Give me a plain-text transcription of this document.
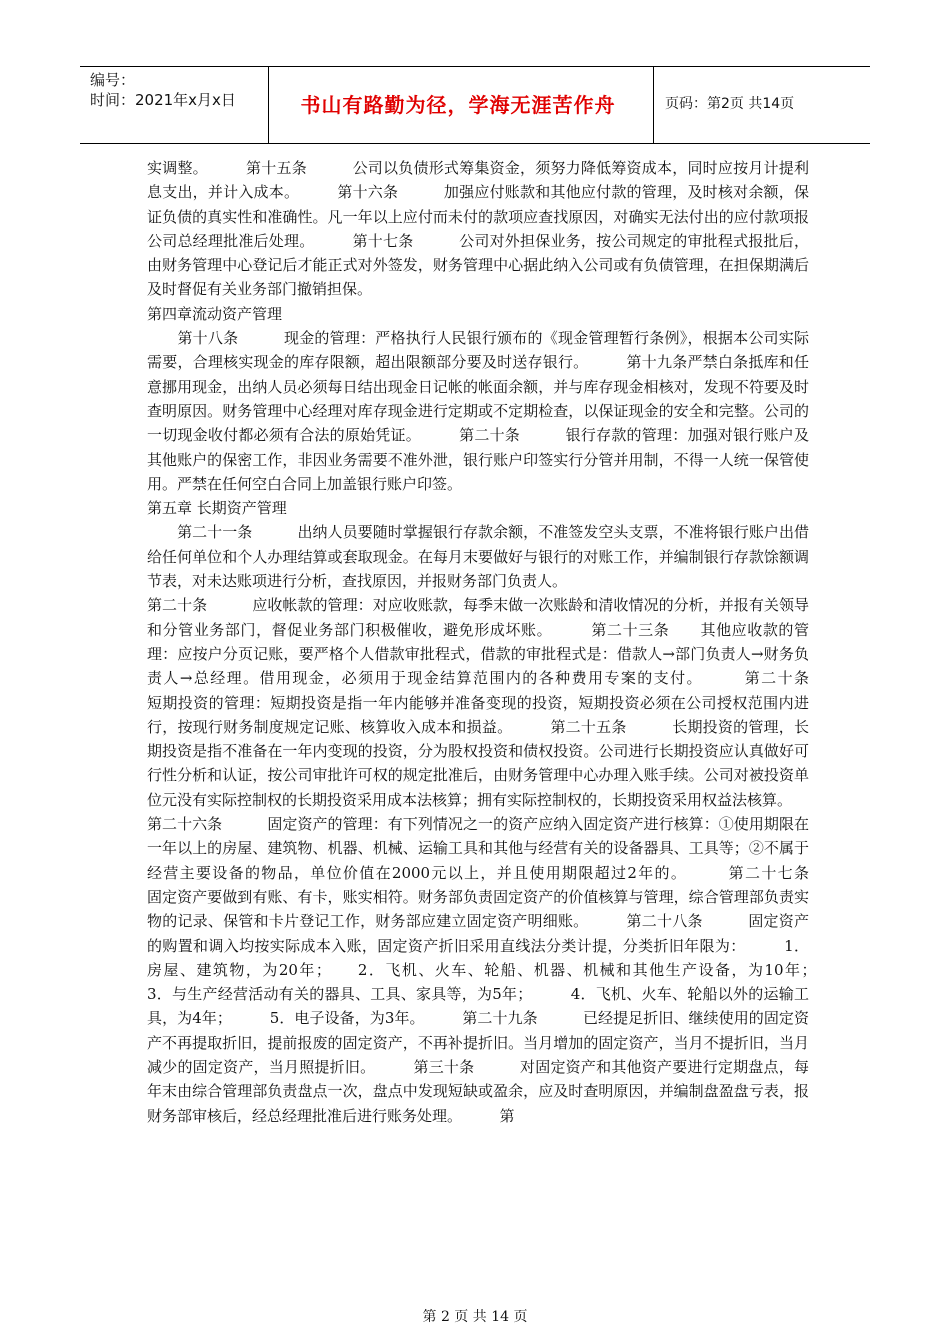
编号：
时间：2021年x月x日	书山有路勤为径，学海无涯苦作舟	页码：第2页 共14页

实调整。　　　第十五条　　　公司以负债形式筹集资金，须努力降低筹资成本，同时应按月计提利息支出，并计入成本。　　　第十六条　　　加强应付账款和其他应付款的管理，及时核对余额，保证负债的真实性和准确性。凡一年以上应付而未付的款项应查找原因，对确实无法付出的应付款项报公司总经理批准后处理。　　　第十七条　　　公司对外担保业务，按公司规定的审批程式报批后，由财务管理中心登记后才能正式对外签发，财务管理中心据此纳入公司或有负债管理，在担保期满后及时督促有关业务部门撤销担保。

第四章流动资产管理

　　第十八条　　　现金的管理：严格执行人民银行颁布的《现金管理暂行条例》，根据本公司实际需要，合理核实现金的库存限额，超出限额部分要及时送存银行。　　　第十九条严禁白条抵库和任意挪用现金，出纳人员必须每日结出现金日记帐的帐面余额，并与库存现金相核对，发现不符要及时查明原因。财务管理中心经理对库存现金进行定期或不定期检查，以保证现金的安全和完整。公司的一切现金收付都必须有合法的原始凭证。　　　第二十条　　　银行存款的管理：加强对银行账户及其他账户的保密工作，非因业务需要不准外泄，银行账户印签实行分管并用制，不得一人统一保管使用。严禁在任何空白合同上加盖银行账户印签。

第五章 长期资产管理

　　第二十一条　　　出纳人员要随时掌握银行存款余额，不准签发空头支票，不准将银行账户出借给任何单位和个人办理结算或套取现金。在每月末要做好与银行的对账工作，并编制银行存款馀额调节表，对未达账项进行分析，查找原因，并报财务部门负责人。

第二十条　　　应收帐款的管理：对应收账款，每季末做一次账龄和清收情况的分析，并报有关领导和分管业务部门，督促业务部门积极催收，避免形成坏账。　　　第二十三条　　其他应收款的管理：应按户分页记账，要严格个人借款审批程式，借款的审批程式是：借款人→部门负责人→财务负责人→总经理。借用现金，必须用于现金结算范围内的各种费用专案的支付。　　　第二十条　　　短期投资的管理：短期投资是指一年内能够并准备变现的投资，短期投资必须在公司授权范围内进行，按现行财务制度规定记账、核算收入成本和损益。　　　第二十五条　　　长期投资的管理，长期投资是指不准备在一年内变现的投资，分为股权投资和债权投资。公司进行长期投资应认真做好可行性分析和认证，按公司审批许可权的规定批准后，由财务管理中心办理入账手续。公司对被投资单位元没有实际控制权的长期投资采用成本法核算；拥有实际控制权的，长期投资采用权益法核算。

第二十六条　　　固定资产的管理：有下列情况之一的资产应纳入固定资产进行核算：①使用期限在一年以上的房屋、建筑物、机器、机械、运输工具和其他与经营有关的设备器具、工具等；②不属于经营主要设备的物品，单位价值在2000元以上，并且使用期限超过2年的。　　　第二十七条　　　固定资产要做到有账、有卡，账实相符。财务部负责固定资产的价值核算与管理，综合管理部负责实物的记录、保管和卡片登记工作，财务部应建立固定资产明细账。　　　第二十八条　　　固定资产的购置和调入均按实际成本入账，固定资产折旧采用直线法分类计提，分类折旧年限为：　　　1．房屋、建筑物，为20年；　　2．飞机、火车、轮船、机器、机械和其他生产设备，为10年；　　　3．与生产经营活动有关的器具、工具、家具等，为5年；　　　4．飞机、火车、轮船以外的运输工具，为4年；　　　5．电子设备，为3年。　　　第二十九条　　　已经提足折旧、继续使用的固定资产不再提取折旧，提前报废的固定资产，不再补提折旧。当月增加的固定资产，当月不提折旧，当月减少的固定资产，当月照提折旧。　　　第三十条　　　对固定资产和其他资产要进行定期盘点，每年末由综合管理部负责盘点一次，盘点中发现短缺或盈余，应及时查明原因，并编制盘盈盘亏表，报财务部审核后，经总经理批准后进行账务处理。　　　第

第 2 页 共 14 页
